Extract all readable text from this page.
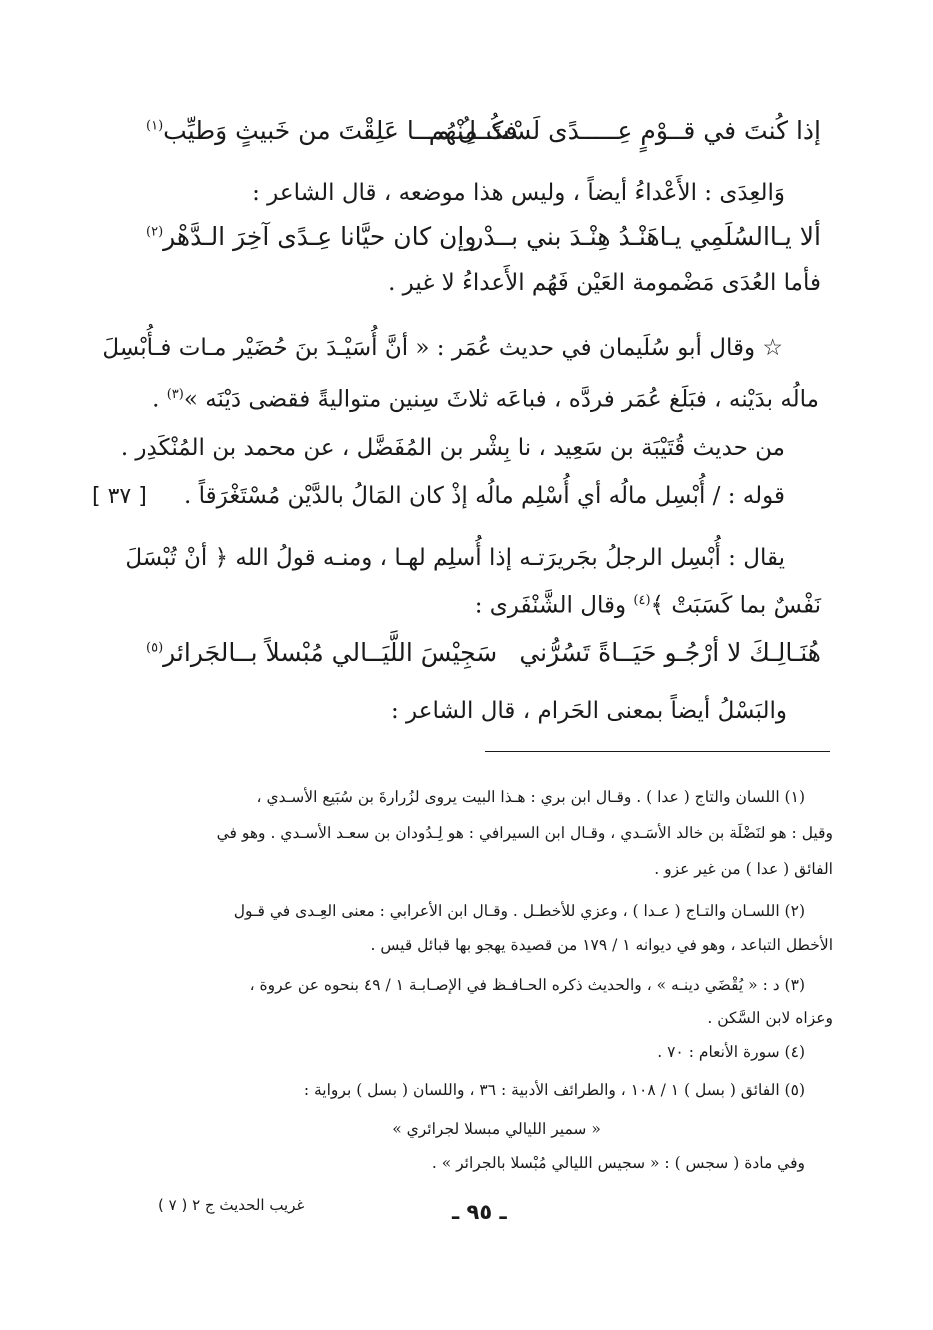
إذا كُنتَ في قــوْمٍ عِـــــدًى لَسْتَ مِنْهُم
فكُــلُ مـــا عَلِقْتَ من خَبيثٍ وَطيِّب$^{(١)}$
وَالعِدَى : الأَعْداءُ أيضاً ، وليس هذا موضعه ، قال الشاعر :
ألا يـاالسُلَمِي يـاهَنْـدُ هِنْـدَ بني بــدْر
وإن كان حيَّانا عِـدًى آخِرَ الـدَّهْر$^{(٢)}$
فأما العُدَى مَضْمومة العَيْن فَهُم الأَعداءُ لا غير .
☆ وقال أبو سُلَيمان في حديث عُمَر : « أنَّ أُسَيْـدَ بنَ حُضَيْر مـات فـأُبْسِلَ
مالُه بدَيْنه ، فبَلَغ عُمَر فردَّه ، فباعَه ثلاثَ سِنين متواليةً فقضى دَيْنَه »$^{(٣)}$ .
من حديث قُتَيْبَة بن سَعِيد ، نا بِشْر بن المُفَضَّل ، عن محمد بن المُنْكَدِر .
قوله : / أُبْسِل مالُه أي أُسْلِم مالُه إذْ كان المَالُ بالدَّيْن مُسْتَغْرَقاً .
[ ٣٧ ]
يقال : أُبْسِل الرجلُ بجَريرَتـه إذا أُسلِم لهـا ، ومنـه قولُ الله ﴿ أنْ تُبْسَلَ
نَفْسٌ بما كَسَبَتْ ﴾$^{(٤)}$ وقال الشَّنْفَرى :
هُنَـالِـكَ لا أرْجُـو حَيَــاةً تَسُرُّني
سَجِيْسَ اللَّيَــالي مُبْسلاً بــالجَرائر$^{(٥)}$
والبَسْلُ أيضاً بمعنى الحَرام ، قال الشاعر :
(١) اللسان والتاج ( عدا ) . وقـال ابن بري : هـذا البيت يروى لزُرارةَ بن سُبَيع الأسـدي ،
وقيل : هو لنَضْلَة بن خالد الأسَـدي ، وقـال ابن السيرافي : هو لِـدُودان بن سعـد الأسـدي . وهو في
الفائق ( عدا ) من غير عزو .
(٢) اللسـان والتـاج ( عـدا ) ، وعزي للأخطـل . وقـال ابن الأعرابي : معنى العِـدى في قـول
الأخطل التباعد ، وهو في ديوانه ١ / ١٧٩ من قصيدة يهجو بها قبائل قيس .
(٣) د : « يُقْضَي دينـه » ، والحديث ذكره الحـافـظ في الإصـابـة ١ / ٤٩ بنحوه عن عروة ،
وعزاه لابن السَّكن .
(٤) سورة الأنعام : ٧٠ .
(٥) الفائق ( بسل ) ١ / ١٠٨ ، والطرائف الأدبية : ٣٦ ، واللسان ( بسل ) برواية :
« سمير الليالي مبسلا لجرائري »
وفي مادة ( سجس ) : « سجيس الليالي مُبْسلا بالجرائر » .
غريب الحديث ج ٢ ( ٧ )	ـ ٩٥ ـ
